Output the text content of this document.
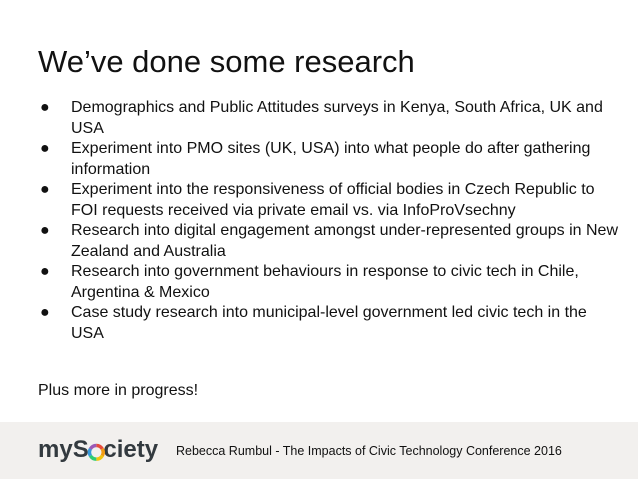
We’ve done some research
● Demographics and Public Attitudes surveys in Kenya, South Africa, UK and USA
● Experiment into PMO sites (UK, USA) into what people do after gathering information
● Experiment into the responsiveness of official bodies in Czech Republic to FOI requests received via private email vs. via InfoProVsechny
● Research into digital engagement amongst under-represented groups in New Zealand and Australia
● Research into government behaviours in response to civic tech in Chile, Argentina & Mexico
● Case study research into municipal-level government led civic tech in the USA
Plus more in progress!
myS ciety Rebecca Rumbul - The Impacts of Civic Technology Conference 2016
